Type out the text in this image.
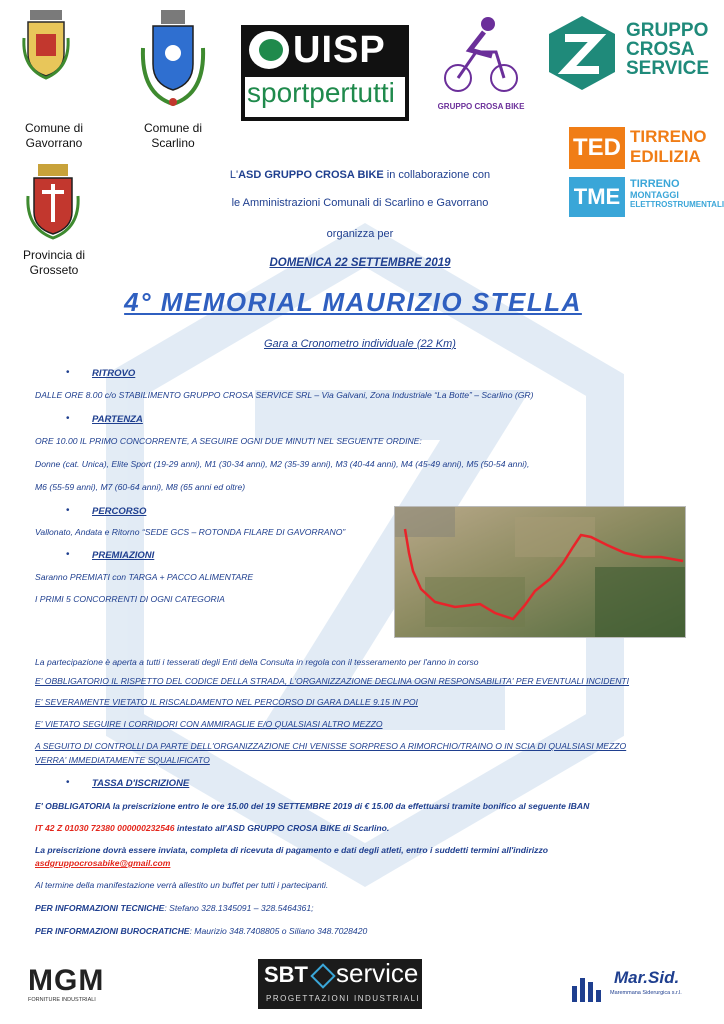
Comune di
Gavorrano
Comune di
Scarlino
UISP
sportpertutti	GRUPPO CROSA BIKE
GRUPPO
CROSA
SERVICE
TED TIRRENO
EDILIZIA
TME TIRRENO
MONTAGGI
ELETTROSTRUMENTALI
Provincia di
Grosseto
L'ASD GRUPPO CROSA BIKE in collaborazione con
le Amministrazioni Comunali di Scarlino e Gavorrano
organizza per
DOMENICA 22 SETTEMBRE 2019
4° MEMORIAL MAURIZIO STELLA
Gara a Cronometro individuale (22 Km)
• RITROVO
DALLE ORE 8.00 c/o STABILIMENTO GRUPPO CROSA SERVICE SRL – Via Galvani, Zona Industriale “La Botte” – Scarlino (GR)
• PARTENZA
ORE 10.00 IL PRIMO CONCORRENTE, A SEGUIRE OGNI DUE MINUTI NEL SEGUENTE ORDINE:
Donne (cat. Unica), Elite Sport (19-29 anni), M1 (30-34 anni), M2 (35-39 anni), M3 (40-44 anni), M4 (45-49 anni), M5 (50-54 anni),
M6 (55-59 anni), M7 (60-64 anni), M8 (65 anni ed oltre)
• PERCORSO
Vallonato, Andata e Ritorno “SEDE GCS – ROTONDA FILARE DI GAVORRANO”
• PREMIAZIONI
Saranno PREMIATI con TARGA + PACCO ALIMENTARE
I PRIMI 5 CONCORRENTI DI OGNI CATEGORIA
La partecipazione è aperta a tutti i tesserati degli Enti della Consulta in regola con il tesseramento per l'anno in corso
E' OBBLIGATORIO IL RISPETTO DEL CODICE DELLA STRADA, L'ORGANIZZAZIONE DECLINA OGNI RESPONSABILITA' PER EVENTUALI INCIDENTI
E' SEVERAMENTE VIETATO IL RISCALDAMENTO NEL PERCORSO DI GARA DALLE 9.15 IN POI
E' VIETATO SEGUIRE I CORRIDORI CON AMMIRAGLIE E/O QUALSIASI ALTRO MEZZO
A SEGUITO DI CONTROLLI DA PARTE DELL'ORGANIZZAZIONE CHI VENISSE SORPRESO A RIMORCHIO/TRAINO O IN SCIA DI QUALSIASI MEZZO
VERRA' IMMEDIATAMENTE SQUALIFICATO
• TASSA D'ISCRIZIONE
E' OBBLIGATORIA la preiscrizione entro le ore 15.00 del 19 SETTEMBRE 2019 di € 15.00 da effettuarsi tramite bonifico al seguente IBAN
IT 42 Z 01030 72380 000000232546 intestato all'ASD GRUPPO CROSA BIKE di Scarlino.
La preiscrizione dovrà essere inviata, completa di ricevuta di pagamento e dati degli atleti, entro i suddetti termini all'indirizzo
asdgruppocrosabike@gmail.com
Al termine della manifestazione verrà allestito un buffet per tutti i partecipanti.
PER INFORMAZIONI TECNICHE: Stefano 328.1345091 – 328.5464361;
PER INFORMAZIONI BUROCRATICHE: Maurizio 348.7408805 o Siliano 348.7028420
MGM
FORNITURE INDUSTRIALI
SBT service
PROGETTAZIONI INDUSTRIALI
Mar.Sid.
Maremmana Siderurgica s.r.l.
